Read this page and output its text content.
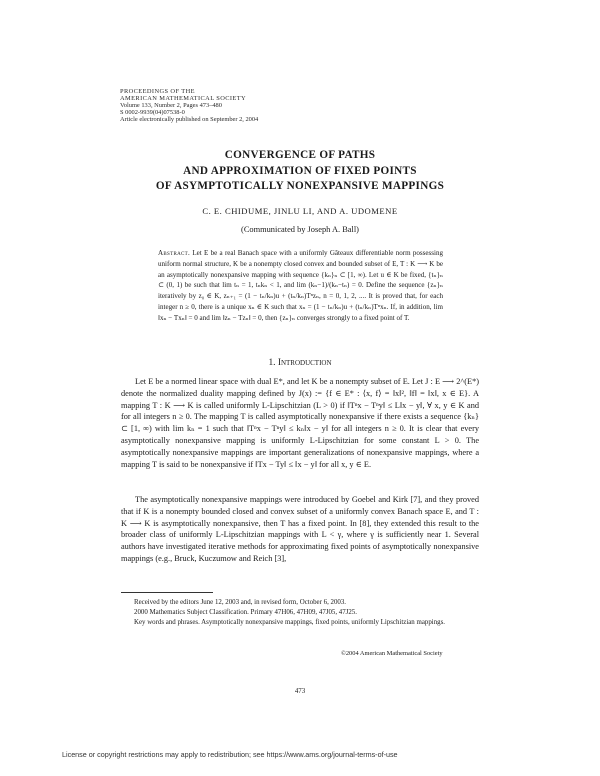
PROCEEDINGS OF THE
AMERICAN MATHEMATICAL SOCIETY
Volume 133, Number 2, Pages 473–480
S 0002-9939(04)07538-0
Article electronically published on September 2, 2004
CONVERGENCE OF PATHS
AND APPROXIMATION OF FIXED POINTS
OF ASYMPTOTICALLY NONEXPANSIVE MAPPINGS
C. E. CHIDUME, JINLU LI, AND A. UDOMENE
(Communicated by Joseph A. Ball)
Abstract. Let E be a real Banach space with a uniformly Gâteaux differentiable norm possessing uniform normal structure, K be a nonempty closed convex and bounded subset of E, T : K ⟶ K be an asymptotically nonexpansive mapping with sequence {kₙ}ₙ ⊂ [1, ∞). Let u ∈ K be fixed, {tₙ}ₙ ⊂ (0, 1) be such that lim tₙ = 1, tₙkₙ < 1, and lim (kₙ−1)/(kₙ−tₙ) = 0. Define the sequence {zₙ}ₙ iteratively by z₀ ∈ K, zₙ₊₁ = (1 − tₙ/kₙ)u + (tₙ/kₙ)Tⁿzₙ, n = 0, 1, 2, .... It is proved that, for each integer n ≥ 0, there is a unique xₙ ∈ K such that xₙ = (1 − tₙ/kₙ)u + (tₙ/kₙ)Tⁿxₙ. If, in addition, lim ‖xₙ − Txₙ‖ = 0 and lim ‖zₙ − Tzₙ‖ = 0, then {zₙ}ₙ converges strongly to a fixed point of T.
1. Introduction
Let E be a normed linear space with dual E*, and let K be a nonempty subset of E. Let J : E ⟶ 2^(E*) denote the normalized duality mapping defined by J(x) := {f ∈ E* : ⟨x, f⟩ = ‖x‖², ‖f‖ = ‖x‖, x ∈ E}. A mapping T : K ⟶ K is called uniformly L-Lipschitzian (L > 0) if ‖Tⁿx − Tⁿy‖ ≤ L‖x − y‖, ∀ x, y ∈ K and for all integers n ≥ 0. The mapping T is called asymptotically nonexpansive if there exists a sequence {kₙ} ⊂ [1, ∞) with lim kₙ = 1 such that ‖Tⁿx − Tⁿy‖ ≤ kₙ‖x − y‖ for all integers n ≥ 0. It is clear that every asymptotically nonexpansive mapping is uniformly L-Lipschitzian for some constant L > 0. The asymptotically nonexpansive mappings are important generalizations of nonexpansive mappings, where a mapping T is said to be nonexpansive if ‖Tx − Ty‖ ≤ ‖x − y‖ for all x, y ∈ E.
The asymptotically nonexpansive mappings were introduced by Goebel and Kirk [7], and they proved that if K is a nonempty bounded closed and convex subset of a uniformly convex Banach space E, and T : K ⟶ K is asymptotically nonexpansive, then T has a fixed point. In [8], they extended this result to the broader class of uniformly L-Lipschitzian mappings with L < γ, where γ is sufficiently near 1. Several authors have investigated iterative methods for approximating fixed points of asymptotically nonexpansive mappings (e.g., Bruck, Kuczumow and Reich [3],
Received by the editors June 12, 2003 and, in revised form, October 6, 2003.
2000 Mathematics Subject Classification. Primary 47H06, 47H09, 47J05, 47J25.
Key words and phrases. Asymptotically nonexpansive mappings, fixed points, uniformly Lipschitzian mappings.
©2004 American Mathematical Society
473
License or copyright restrictions may apply to redistribution; see https://www.ams.org/journal-terms-of-use
